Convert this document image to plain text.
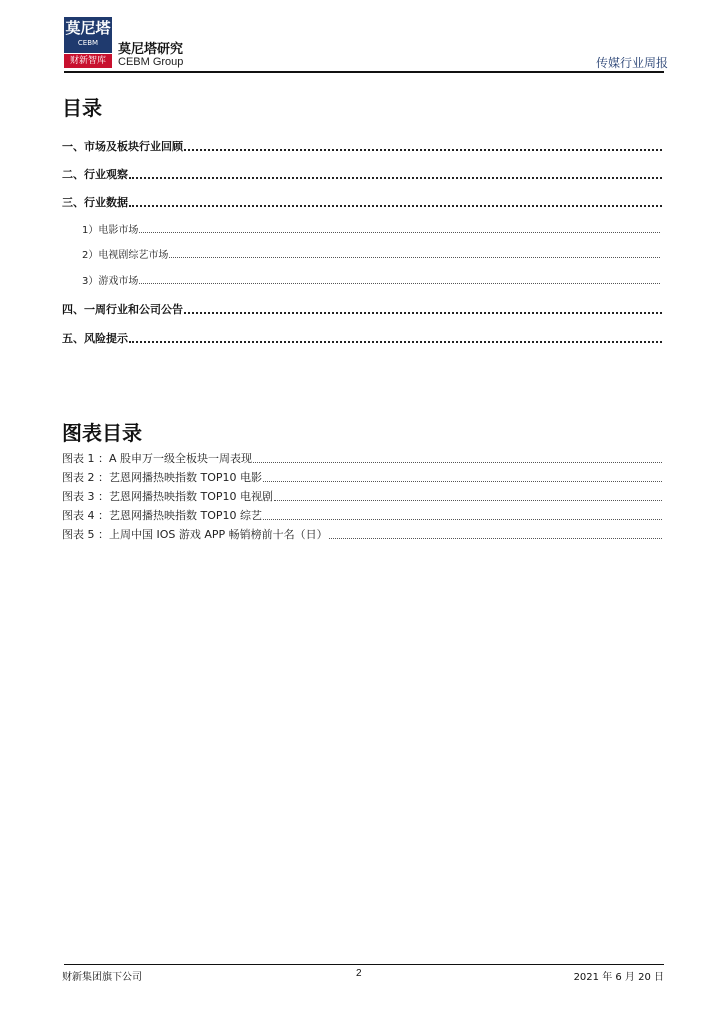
莫尼塔
CEBM
财新智库
莫尼塔研究
CEBM Group	传媒行业周报
目录
一、市场及板块行业回顾
二、行业观察
三、行业数据
1）电影市场
2）电视剧综艺市场
3）游戏市场
四、一周行业和公司公告
五、风险提示
图表目录
图表 1 ：A 股申万一级全板块一周表现
图表 2 ：艺恩网播热映指数 TOP10 电影
图表 3 ：艺恩网播热映指数 TOP10 电视剧
图表 4 ：艺恩网播热映指数 TOP10 综艺
图表 5 ：上周中国 IOS 游戏 APP 畅销榜前十名（日）
财新集团旗下公司	2	2021 年 6 月 20 日
